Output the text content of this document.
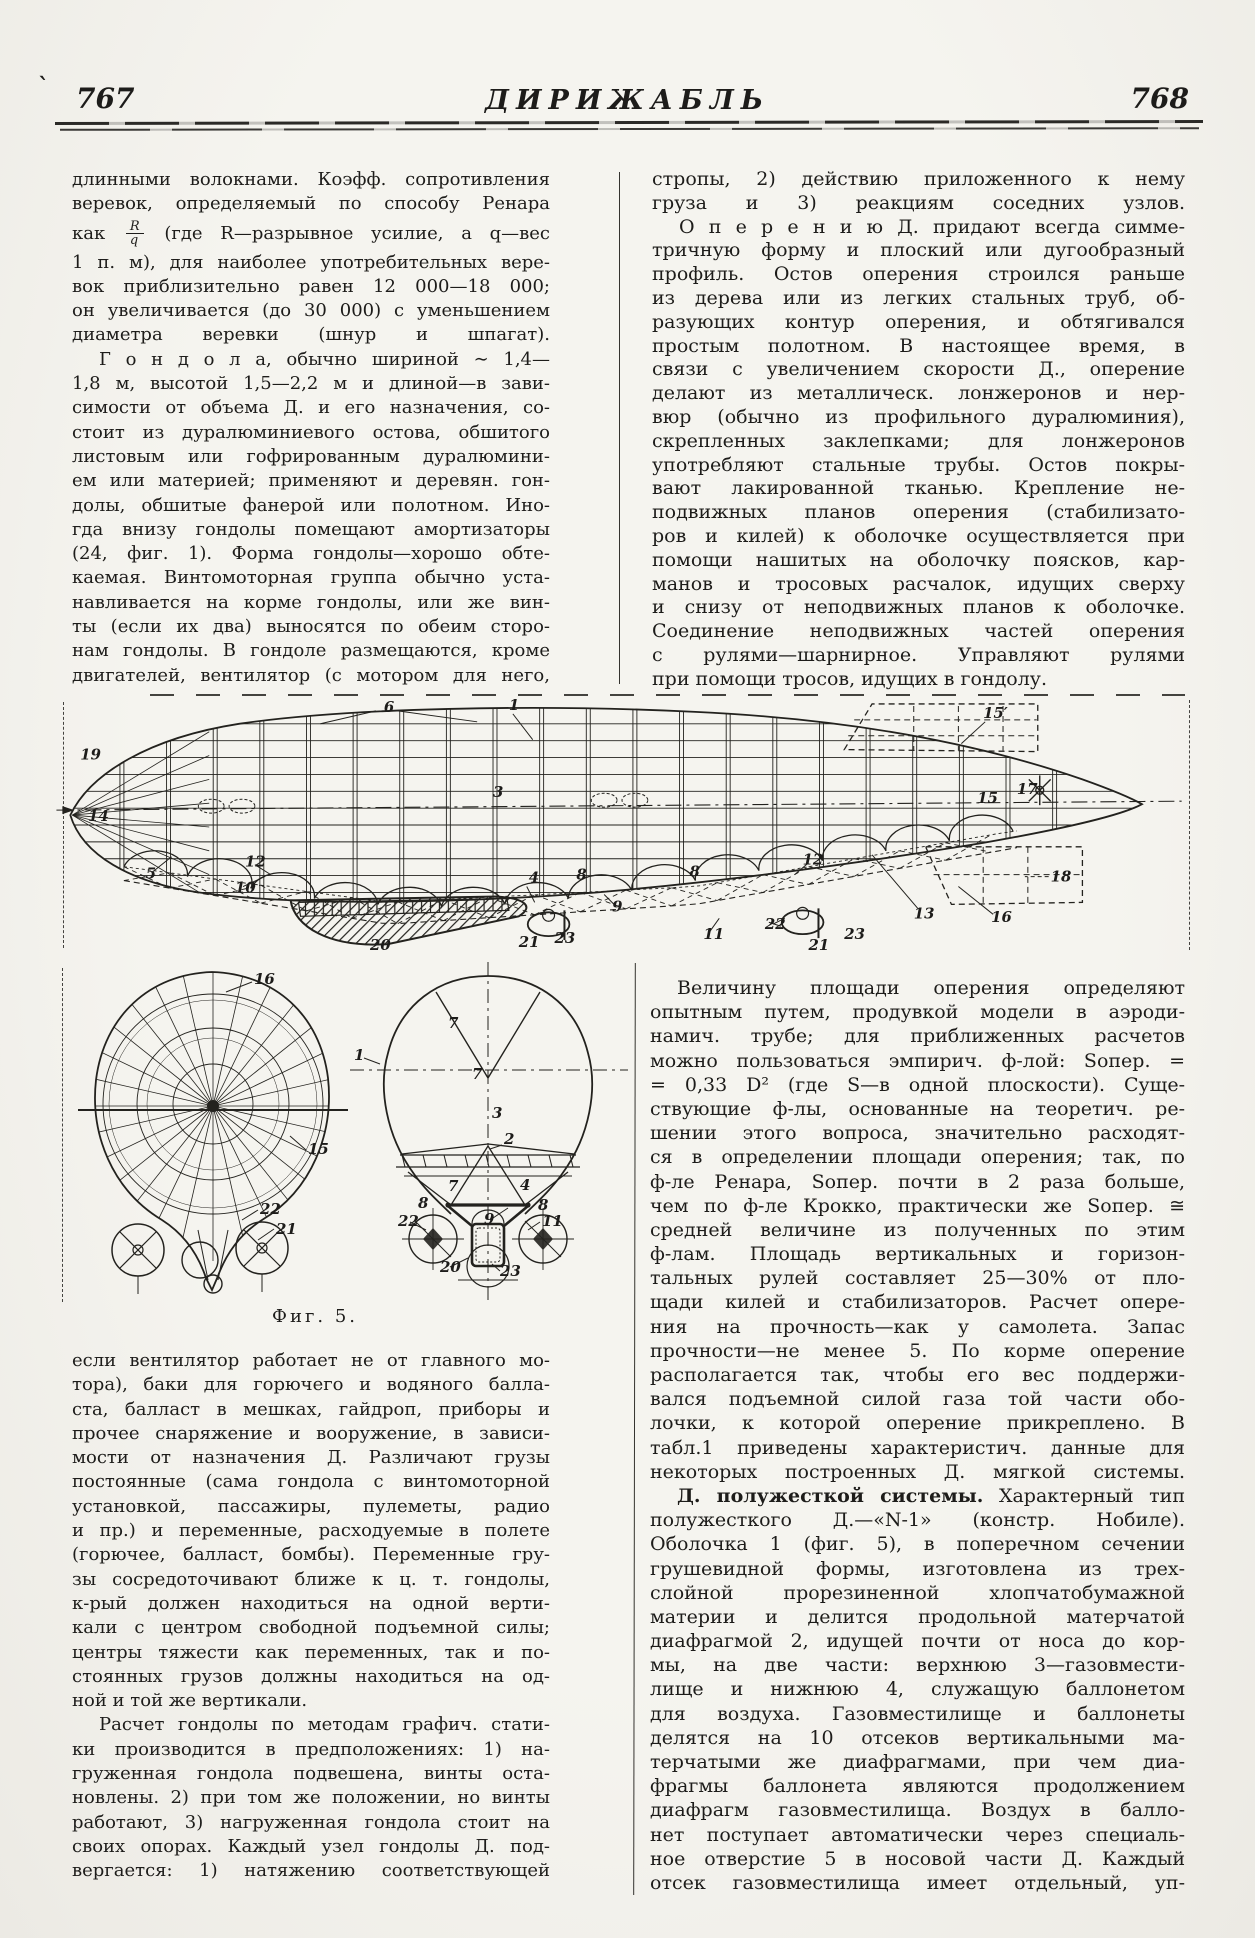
` 767	ДИРИЖАБЛЬ	768
длинными волокнами. Коэфф. сопротивления
веревок, определяемый по способу Ренара
как $\frac{R}{q} (где$ R—разрывное усилие, а q—вес
1 п. м), для наиболее употребительных вере-
вок приблизительно равен 12 000—18 000;
он увеличивается (до 30 000) с уменьшением
диаметра веревки (шнур и шпагат).
Г о н д о л а, обычно шириной ∼ 1,4—
1,8 м, высотой 1,5—2,2 м и длиной—в зави-
симости от объема Д. и его назначения, со-
стоит из дуралюминиевого остова, обшитого
листовым или гофрированным дуралюмини-
ем или материей; применяют и деревян. гон-
долы, обшитые фанерой или полотном. Ино-
гда внизу гондолы помещают амортизаторы
(24, фиг. 1). Форма гондолы—хорошо обте-
каемая. Винтомоторная группа обычно уста-
навливается на корме гондолы, или же вин-
ты (если их два) выносятся по обеим сторо-
нам гондолы. В гондоле размещаются, кроме
двигателей, вентилятор (с мотором для него,
стропы, 2) действию приложенного к нему
груза и 3) реакциям соседних узлов.
О п е р е н и ю Д. придают всегда симме-
тричную форму и плоский или дугообразный
профиль. Остов оперения строился раньше
из дерева или из легких стальных труб, об-
разующих контур оперения, и обтягивался
простым полотном. В настоящее время, в
связи с увеличением скорости Д., оперение
делают из металлическ. лонжеронов и нер-
вюр (обычно из профильного дуралюминия),
скрепленных заклепками; для лонжеронов
употребляют стальные трубы. Остов покры-
вают лакированной тканью. Крепление не-
подвижных планов оперения (стабилизато-
ров и килей) к оболочке осуществляется при
помощи нашитых на оболочку поясков, кар-
манов и тросовых расчалок, идущих сверху
и снизу от неподвижных планов к оболочке.
Соединение неподвижных частей оперения
с рулями—шарнирное. Управляют рулями
при помощи тросов, идущих в гондолу.
6	1	15′
19
14
3	15 17
5
10
12	12
4 8	8
9
11
22
21
23
13	16
18
20	21 23
16
15
22
21
1
7
7
3
2
7	4
8	8
22	11
9
20	23
Фиг. 5.
Величину площади оперения определяют
опытным путем, продувкой модели в аэроди-
намич. трубе; для приближенных расчетов
можно пользоваться эмпирич. ф-лой: Sопер. =
= 0,33 D² (где S—в одной плоскости). Суще-
ствующие ф-лы, основанные на теоретич. ре-
шении этого вопроса, значительно расходят-
ся в определении площади оперения; так, по
ф-ле Ренара, Sопер. почти в 2 раза больше,
чем по ф-ле Крокко, практически же Sопер. ≅
средней величине из полученных по этим
ф-лам. Площадь вертикальных и горизон-
тальных рулей составляет 25—30% от пло-
щади килей и стабилизаторов. Расчет опере-
ния на прочность—как у самолета. Запас
прочности—не менее 5. По корме оперение
располагается так, чтобы его вес поддержи-
вался подъемной силой газа той части обо-
лочки, к которой оперение прикреплено. В
табл.1 приведены характеристич. данные для
некоторых построенных Д. мягкой системы.
Д. полужесткой системы. Характерный тип
полужесткого Д.—«N-1» (констр. Нобиле).
Оболочка 1 (фиг. 5), в поперечном сечении
грушевидной формы, изготовлена из трех-
слойной прорезиненной хлопчатобумажной
материи и делится продольной матерчатой
диафрагмой 2, идущей почти от носа до кор-
мы, на две части: верхнюю 3—газовмести-
лище и нижнюю 4, служащую баллонетом
для воздуха. Газовместилище и баллонеты
делятся на 10 отсеков вертикальными ма-
терчатыми же диафрагмами, при чем диа-
фрагмы баллонета являются продолжением
диафрагм газовместилища. Воздух в балло-
нет поступает автоматически через специаль-
ное отверстие 5 в носовой части Д. Каждый
отсек газовместилища имеет отдельный, уп-
если вентилятор работает не от главного мо-
тора), баки для горючего и водяного балла-
ста, балласт в мешках, гайдроп, приборы и
прочее снаряжение и вооружение, в зависи-
мости от назначения Д. Различают грузы
постоянные (сама гондола с винтомоторной
установкой, пассажиры, пулеметы, радио
и пр.) и переменные, расходуемые в полете
(горючее, балласт, бомбы). Переменные гру-
зы сосредоточивают ближе к ц. т. гондолы,
к-рый должен находиться на одной верти-
кали с центром свободной подъемной силы;
центры тяжести как переменных, так и по-
стоянных грузов должны находиться на од-
ной и той же вертикали.
Расчет гондолы по методам графич. стати-
ки производится в предположениях: 1) на-
груженная гондола подвешена, винты оста-
новлены. 2) при том же положении, но винты
работают, 3) нагруженная гондола стоит на
своих опорах. Каждый узел гондолы Д. под-
вергается: 1) натяжению соответствующей
